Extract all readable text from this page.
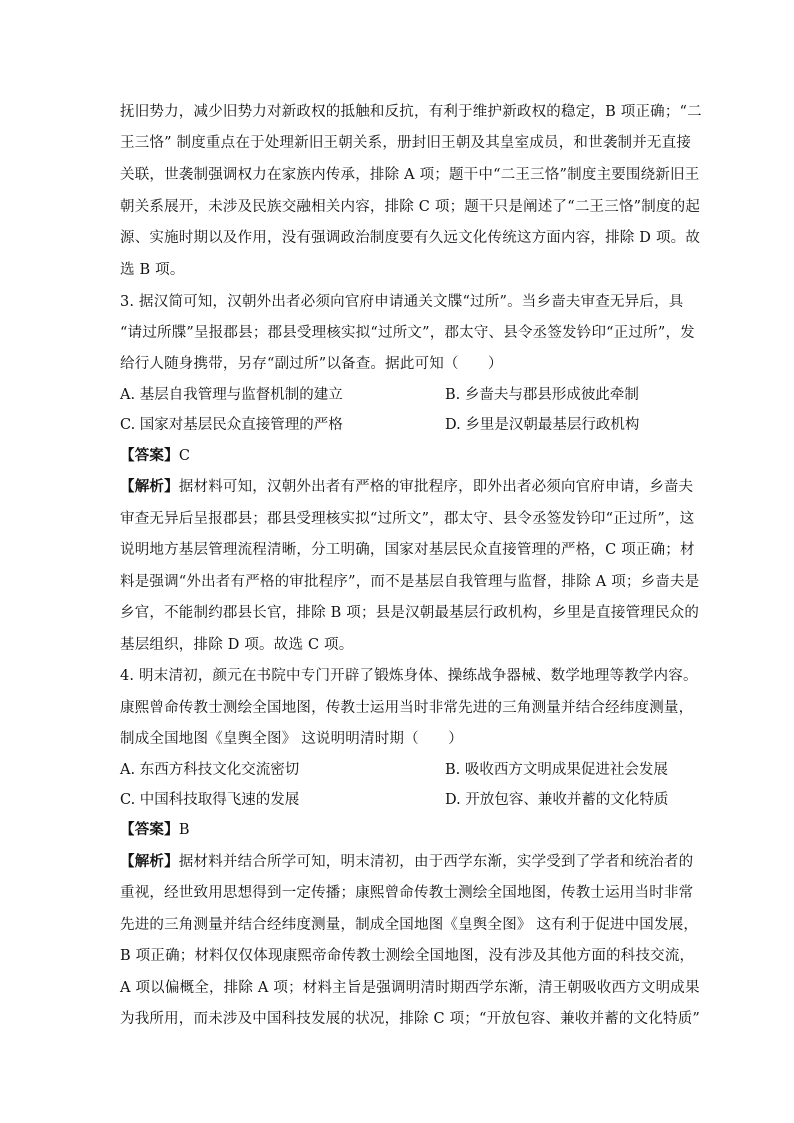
抚旧势力，减少旧势力对新政权的抵触和反抗，有利于维护新政权的稳定，B 项正确；“二
王三恪” 制度重点在于处理新旧王朝关系，册封旧王朝及其皇室成员，和世袭制并无直接
关联，世袭制强调权力在家族内传承，排除 A 项；题干中“二王三恪”制度主要围绕新旧王
朝关系展开，未涉及民族交融相关内容，排除 C 项；题干只是阐述了“二王三恪”制度的起
源、实施时期以及作用，没有强调政治制度要有久远文化传统这方面内容，排除 D 项。故
选 B 项。
3. 据汉简可知，汉朝外出者必须向官府申请通关文牒“过所”。当乡啬夫审查无异后，具
“请过所牒”呈报郡县；郡县受理核实拟“过所文”，郡太守、县令丞签发钤印“正过所”，发
给行人随身携带，另存“副过所”以备查。据此可知（　　）
A. 基层自我管理与监督机制的建立	B. 乡啬夫与郡县形成彼此牵制
C. 国家对基层民众直接管理的严格	D. 乡里是汉朝最基层行政机构
【答案】C
【解析】据材料可知，汉朝外出者有严格的审批程序，即外出者必须向官府申请，乡啬夫
审查无异后呈报郡县；郡县受理核实拟“过所文”，郡太守、县令丞签发钤印“正过所”，这
说明地方基层管理流程清晰，分工明确，国家对基层民众直接管理的严格，C 项正确；材
料是强调“外出者有严格的审批程序”，而不是基层自我管理与监督，排除 A 项；乡啬夫是
乡官，不能制约郡县长官，排除 B 项；县是汉朝最基层行政机构，乡里是直接管理民众的
基层组织，排除 D 项。故选 C 项。
4. 明末清初，颜元在书院中专门开辟了锻炼身体、操练战争器械、数学地理等教学内容。
康熙曾命传教士测绘全国地图，传教士运用当时非常先进的三角测量并结合经纬度测量，
制成全国地图《皇舆全图》 这说明明清时期（　　）
A. 东西方科技文化交流密切	B. 吸收西方文明成果促进社会发展
C. 中国科技取得飞速的发展	D. 开放包容、兼收并蓄的文化特质
【答案】B
【解析】据材料并结合所学可知，明末清初，由于西学东渐，实学受到了学者和统治者的
重视，经世致用思想得到一定传播；康熙曾命传教士测绘全国地图，传教士运用当时非常
先进的三角测量并结合经纬度测量，制成全国地图《皇舆全图》 这有利于促进中国发展，
B 项正确；材料仅仅体现康熙帝命传教士测绘全国地图，没有涉及其他方面的科技交流，
A 项以偏概全，排除 A 项；材料主旨是强调明清时期西学东渐，清王朝吸收西方文明成果
为我所用，而未涉及中国科技发展的状况，排除 C 项；“开放包容、兼收并蓄的文化特质”
